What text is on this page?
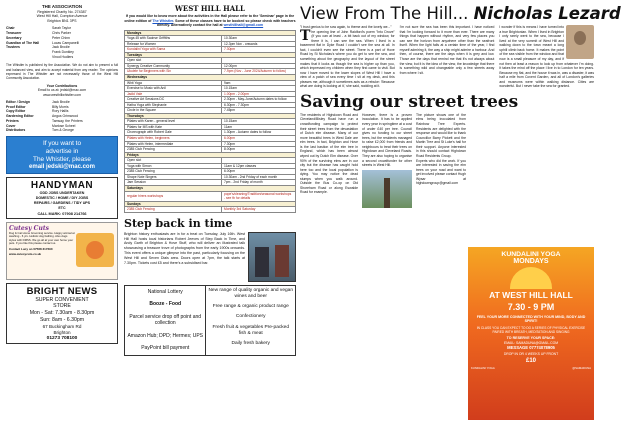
THE ASSOCIATION
Registered Charity No. 274387
West Hill Hall, Compton Avenue
Brighton BN1 3PS
Chair	Sarah Taylor
Treasurer	Chris Parker
Secretary	Peter Chinn
Guardian of The Hall	Lucas Campanelli
Trustees	Jack Brodie
Frank Dunkley
Vinod Hudlers
The Whistler is published by the Association. We do not aim to present a full and balanced view, and aim to accept material from any reader. The opinions expressed in The Whistler are not necessarily those of the West Hill Community Association.
Your Contributions
Email to us at: jedski@mac.com
www.westhillwhistler.com
Editor / Design	Jack Brodie
Proof Editor	Billy Morris
Copy Editor	Rory Hallis
Gardening Editor	Angus Grimwood
Printers	Tamsay, the Printers
Cover	Marlose Scheel
Distributors	Tom & George
If you want to
advertise in
The Whistler, please
email jedski@mac.com
HANDYMAN
ODD JOBS UNDERTAKEN
DOMESTIC / HOME / DIY JOBS
REPAIRS / GARDENS / TIDY UPS
ETC
CALL MARK: 07908 214766
Cutesy Cuts
Dog & Cat Home Grooming service. Happy animal at washing - 6 yrs. Holistic dog bathing. Also dogs styles with DMSS. We go all at your own home your pets. If you like this please contact us.
Contact Lucy on 07568 317290
www.cutesycuts.co.uk
BRIGHT NEWS
SUPER CONVENIENT
STORE
Mon - Sat: 7.30am - 8.30pm
Sun: 8am - 6.30pm
67 Buckingham Rd
Brighton
01273 708100
WEST HILL HALL
If you would like to know more about the activities in the Hall please refer to the 'Seminar' page in the online edition of The Whistler. Some of these classes have to be booked so please check with teachers directly. Alternatively contact the hall at westhillhall@gmail.com
Mondays	
Yoga 45 with Saoirse Griffiths	10.30am
Release for Women	12-3pm Nov - onwards
Kundalini Yoga with Sama	7.30pm
Tuesdays	
Open slot	
Synergy Creative Community	12.00pm
Ukulele for Beginners with Sin	7-9pm (Nov - June 2024/Autumn to follow)
Wednesdays	
Whit Yoga	9am
Exercise to Music with Anil	10.15am
Jadid Vale	1.00pm - 2.00pm
Creative Art Sessions DC	2.30pm - May-June/Autumn dates to follow
Hatha Yoga with Stephanie	6.30pm - 7.30pm
Circle in the Square	7.45pm
Thursdays	
Pilates with Karen - general level	10.15am
Pilates for MS with Kate	11am
Choreograph with Robert Gale	1.30pm - Autumn dates to follow
Pilates with Helen, beginners	6.00pm
Pilates with Helen, intermediate	7.30pm
2385 Club Fencing	8.00pm
Fridays	
Open slot	
Yoga with Simon	11am & 12pm classes
2385 Club Fencing	6.00pm
Shape Note Singers	10.30am - 2nd Friday of each month
Jam Session	7pm - 2nd Friday of month
Saturdays	
regular hirers workshops	pope's/cleaning/Tradition/seasonal workshops - see fb for details
Sundays	
2385 Club Fencing	Monthly 3rd Saturday
Step back in time
Brighton history enthusiasts are in for a treat on Tuesday, July 16th. West Hill Hall hosts local historians Robert Jeeves of Step Back in Time, and Andy Garth of Brighton & Hove Stuff, who will deliver an illustrated talk showcasing a treasure trove of photographs from the early 1900s onwards. This event offers a unique glimpse into the past, particularly focusing on the West Hill and Seven Dials area. Doors open at 7pm, the talk starts at 7.30pm. Tickets cost £5 and there's a subsidised bar.
National Lottery
Booze - Food
Parcel service drop off point and collection
Amazon Hub; DPD; Hermes; UPS
PayPoint bill payment
New range of quality organic and vegan wines and beer
Free range & organic product range
Confectionery
Fresh fruit & vegetables Pre-packed fish & meat
Daily fresh bakery
View From The Hill... Nicholas Lezard
"I trust genius to be sow again, to theme and the lovely we..."
The opening line of John Raidford's poem "Into Drove" (if you can at least - a bit back out of my window, for there it is, I can see the sea. When I lived in a basement flat in Dyke Road I couldn't see the sea at all. In fact, I couldn't even see the street. There is a part of Hove Road by St Nicholas's where you do get to see the sea, and something about the geography and the layout of the street makes that it looks as though the sea is higher up than you, which impressed my children when they first came to visit. But now I have moved to the lower slopes of West Hill I have a view of a patch of sea every time I sit at my desk, and this pleases me, although it sometimes acts as a rebuke: 'Because what are doing is looking at it,' she said, nodding at it.
I'm not sure the sea has been this important. I have noticed that I'm looking forward to it more than ever. There are many things that happen without rhythm, and very few places you can see the horizon from anywhere other than the seafront itself. When the light falls at a certain time of the year, I find myself admiring it, the way a ship might admire a harbour. And then, of course, there are the days when it is grey and low. Those are the days that remind me that it's not always about the view, but it is the idea of the view, the knowledge that there is something wild and changeable only a few streets away from where I sit.
I wonder if this is means I have turned into a true Brightonian. When I lived in Brighton I only rarely went to the sea, because I lived at the very summit of West Hill and walking down to the town meant a long uphill climb back home. It makes the point of the sea visible from the window and that now is a small pleasure of my day, and if not then at least a reason to look up from whatever I'm doing. It takes the mind off the place I live in to London for ten years. Because my flat, and the house it was in, was a disaster, it was half a mile from Covent Garden, and all of London's galleries and museums were within walking distance. Cities are wonderful. But I never take the sea for granted.
Saving our street trees
The residents of Highdown Road and Cleveland/Bisley Road have run a crowdfunding campaign to protect their street trees from the devastation of Dutch elm disease. Many of our more beautiful trees in West Dale are elm trees. In fact, Brighton and Hove is the last bastion of the elm tree in England, which has been almost wiped out by Dutch Elm disease. Over 90% of the surviving elms are in our city but the disease has caught hold here too and the local population is dying. You may notice the dead stumps when you walk around. Outside the Bus Co-op on Old Shoreham Road or along Eswalde Road for example.
However, there is a proven inoculation. It has to be applied every year in springtime at a cost of under £40 per tree. Council gives no funding to our street trees, but the residents managed to raise £2,000 from friends and neighbours to treat their trees on Highdown and Cleveland Roads. They are also hoping to organise a second crowdfunder for other streets in West Hill.
The picture shows one of the elms being inoculated from Rainbow Tree Experts. Residents are delighted with the response and would like to thank Councillor Barry Pickett and the Martin Tree and St Luke's hall for their support. Anyone interested in this should contact Highdown Road Residents Group.
Experts who did the work. If you are interested in saving the elm trees on your road and want to get involved please contact Hugh Wysar at highdowngroup@gmail.com
KUNDALINI YOGA
MONDAYS
AT WEST HILL HALL
7.30 - 9 PM
FEEL YOUR MORE CONNECTED WITH YOUR MIND, BODY AND SPIRIT!
IN CLASS YOU CAN EXPECT TO DO A SERIES OF PHYSICAL EXERCISE PAIRED WITH BREATH, MEDITATION AND SINGING
TO RESERVE YOUR SPACE:
EMAIL: SAMADUNA@GMAIL.COM
MESSAGE 07774078905
DROP IN OR 4 WEEKS UP FRONT
£10
KUNDALINI YOGA	@SAMADUNA
